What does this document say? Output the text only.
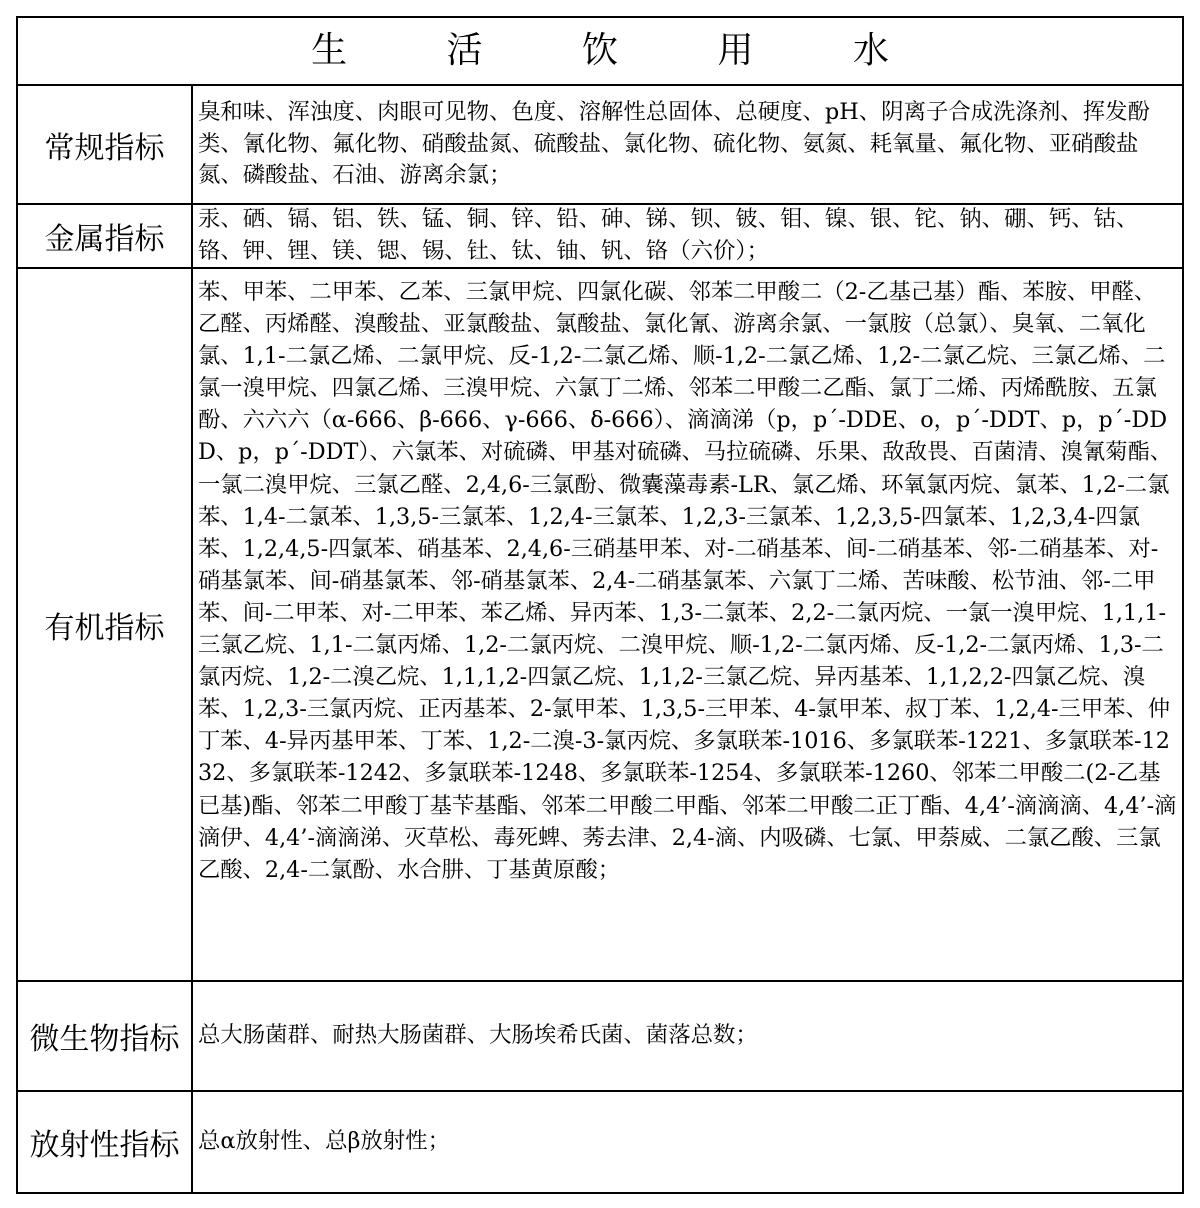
生 活 饮 用 水
常规指标
臭和味、浑浊度、肉眼可见物、色度、溶解性总固体、总硬度、pH、阴离子合成洗涤剂、挥发酚类、氰化物、氟化物、硝酸盐氮、硫酸盐、氯化物、硫化物、氨氮、耗氧量、氟化物、亚硝酸盐氮、磷酸盐、石油、游离余氯；
金属指标
汞、硒、镉、铝、铁、锰、铜、锌、铅、砷、锑、钡、铍、钼、镍、银、铊、钠、硼、钙、钴、铬、钾、锂、镁、锶、锡、钍、钛、铀、钒、铬（六价）；
有机指标
苯、甲苯、二甲苯、乙苯、三氯甲烷、四氯化碳、邻苯二甲酸二（2-乙基己基）酯、苯胺、甲醛、乙醛、丙烯醛、溴酸盐、亚氯酸盐、氯酸盐、氯化氰、游离余氯、一氯胺（总氯）、臭氧、二氧化氯、1,1-二氯乙烯、二氯甲烷、反-1,2-二氯乙烯、顺-1,2-二氯乙烯、1,2-二氯乙烷、三氯乙烯、二氯一溴甲烷、四氯乙烯、三溴甲烷、六氯丁二烯、邻苯二甲酸二乙酯、氯丁二烯、丙烯酰胺、五氯酚、六六六（α-666、β-666、γ-666、δ-666）、滴滴涕（p，p´-DDE、o，p´-DDT、p，p´-DDD、p，p´-DDT）、六氯苯、对硫磷、甲基对硫磷、马拉硫磷、乐果、敌敌畏、百菌清、溴氰菊酯、一氯二溴甲烷、三氯乙醛、2,4,6-三氯酚、微囊藻毒素-LR、氯乙烯、环氧氯丙烷、氯苯、1,2-二氯苯、1,4-二氯苯、1,3,5-三氯苯、1,2,4-三氯苯、1,2,3-三氯苯、1,2,3,5-四氯苯、1,2,3,4-四氯苯、1,2,4,5-四氯苯、硝基苯、2,4,6-三硝基甲苯、对-二硝基苯、间-二硝基苯、邻-二硝基苯、对-硝基氯苯、间-硝基氯苯、邻-硝基氯苯、2,4-二硝基氯苯、六氯丁二烯、苦味酸、松节油、邻-二甲苯、间-二甲苯、对-二甲苯、苯乙烯、异丙苯、1,3-二氯苯、2,2-二氯丙烷、一氯一溴甲烷、1,1,1-三氯乙烷、1,1-二氯丙烯、1,2-二氯丙烷、二溴甲烷、顺-1,2-二氯丙烯、反-1,2-二氯丙烯、1,3-二氯丙烷、1,2-二溴乙烷、1,1,1,2-四氯乙烷、1,1,2-三氯乙烷、异丙基苯、1,1,2,2-四氯乙烷、溴苯、1,2,3-三氯丙烷、正丙基苯、2-氯甲苯、1,3,5-三甲苯、4-氯甲苯、叔丁苯、1,2,4-三甲苯、仲丁苯、4-异丙基甲苯、丁苯、1,2-二溴-3-氯丙烷、多氯联苯-1016、多氯联苯-1221、多氯联苯-1232、多氯联苯-1242、多氯联苯-1248、多氯联苯-1254、多氯联苯-1260、邻苯二甲酸二(2-乙基已基)酯、邻苯二甲酸丁基苄基酯、邻苯二甲酸二甲酯、邻苯二甲酸二正丁酯、4,4’-滴滴滴、4,4’-滴滴伊、4,4’-滴滴涕、灭草松、毒死蜱、莠去津、2,4-滴、内吸磷、七氯、甲萘威、二氯乙酸、三氯乙酸、2,4-二氯酚、水合肼、丁基黄原酸；
微生物指标 总大肠菌群、耐热大肠菌群、大肠埃希氏菌、菌落总数；
放射性指标 总α放射性、总β放射性；
